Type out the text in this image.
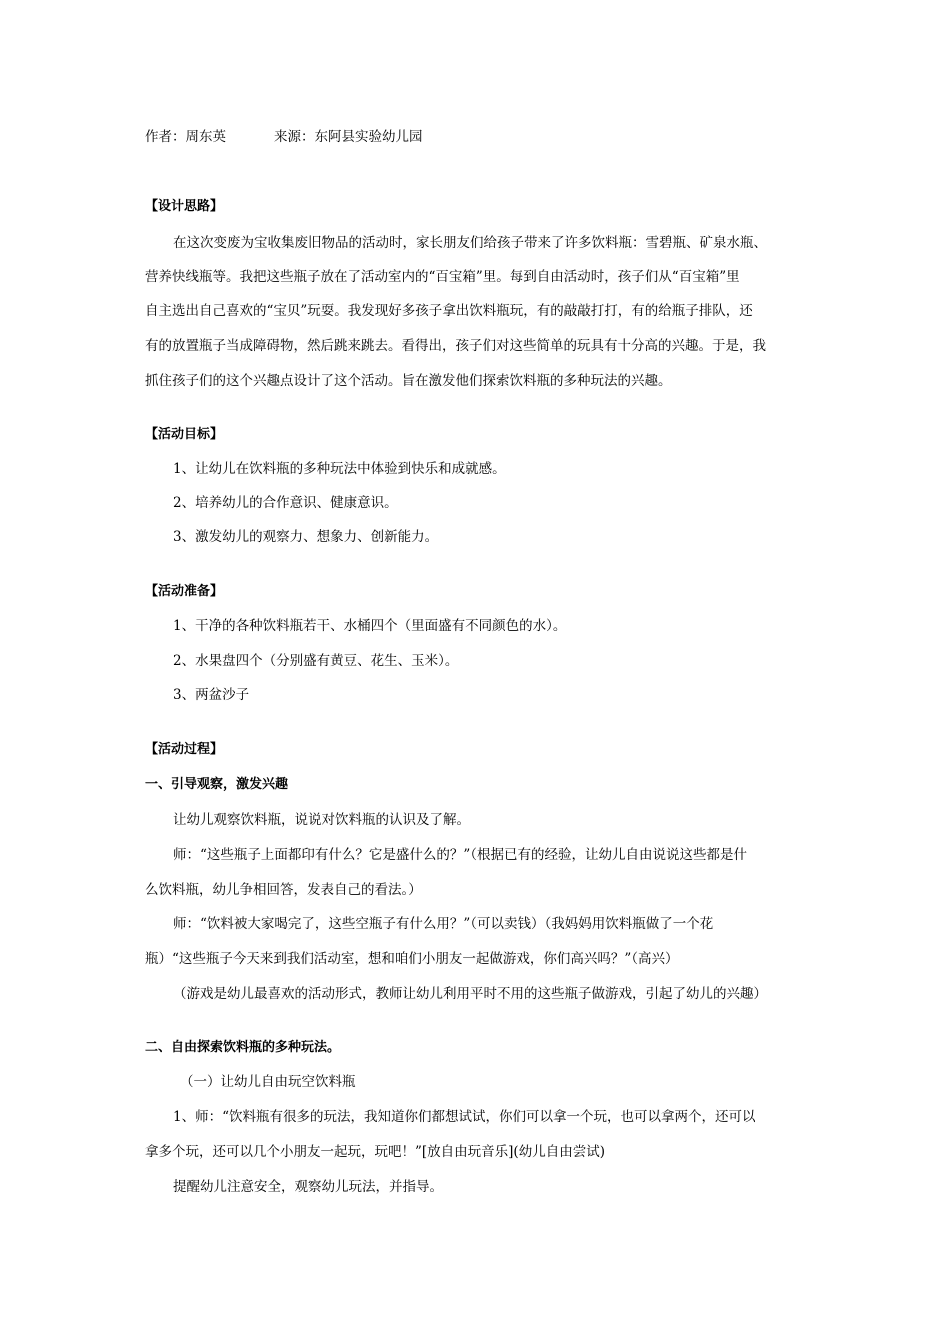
作者：周东英	来源：东阿县实验幼儿园
【设计思路】
在这次变废为宝收集废旧物品的活动时，家长朋友们给孩子带来了许多饮料瓶：雪碧瓶、矿泉水瓶、
营养快线瓶等。我把这些瓶子放在了活动室内的“百宝箱”里。每到自由活动时，孩子们从“百宝箱”里
自主选出自己喜欢的“宝贝”玩耍。我发现好多孩子拿出饮料瓶玩，有的敲敲打打，有的给瓶子排队，还
有的放置瓶子当成障碍物，然后跳来跳去。看得出，孩子们对这些简单的玩具有十分高的兴趣。于是，我
抓住孩子们的这个兴趣点设计了这个活动。旨在激发他们探索饮料瓶的多种玩法的兴趣。
【活动目标】
1、让幼儿在饮料瓶的多种玩法中体验到快乐和成就感。
2、培养幼儿的合作意识、健康意识。
3、激发幼儿的观察力、想象力、创新能力。
【活动准备】
1、干净的各种饮料瓶若干、水桶四个（里面盛有不同颜色的水）。
2、水果盘四个（分别盛有黄豆、花生、玉米）。
3、两盆沙子
【活动过程】
一、引导观察，激发兴趣
让幼儿观察饮料瓶，说说对饮料瓶的认识及了解。
师：“这些瓶子上面都印有什么？它是盛什么的？”（根据已有的经验，让幼儿自由说说这些都是什
么饮料瓶，幼儿争相回答，发表自己的看法。）
师：“饮料被大家喝完了，这些空瓶子有什么用？”（可以卖钱）（我妈妈用饮料瓶做了一个花
瓶）“这些瓶子今天来到我们活动室，想和咱们小朋友一起做游戏，你们高兴吗？”（高兴）
（游戏是幼儿最喜欢的活动形式，教师让幼儿利用平时不用的这些瓶子做游戏，引起了幼儿的兴趣）
二、自由探索饮料瓶的多种玩法。
（一）让幼儿自由玩空饮料瓶
1、师：“饮料瓶有很多的玩法，我知道你们都想试试，你们可以拿一个玩，也可以拿两个，还可以
拿多个玩，还可以几个小朋友一起玩，玩吧！”[放自由玩音乐](幼儿自由尝试)
提醒幼儿注意安全，观察幼儿玩法，并指导。
